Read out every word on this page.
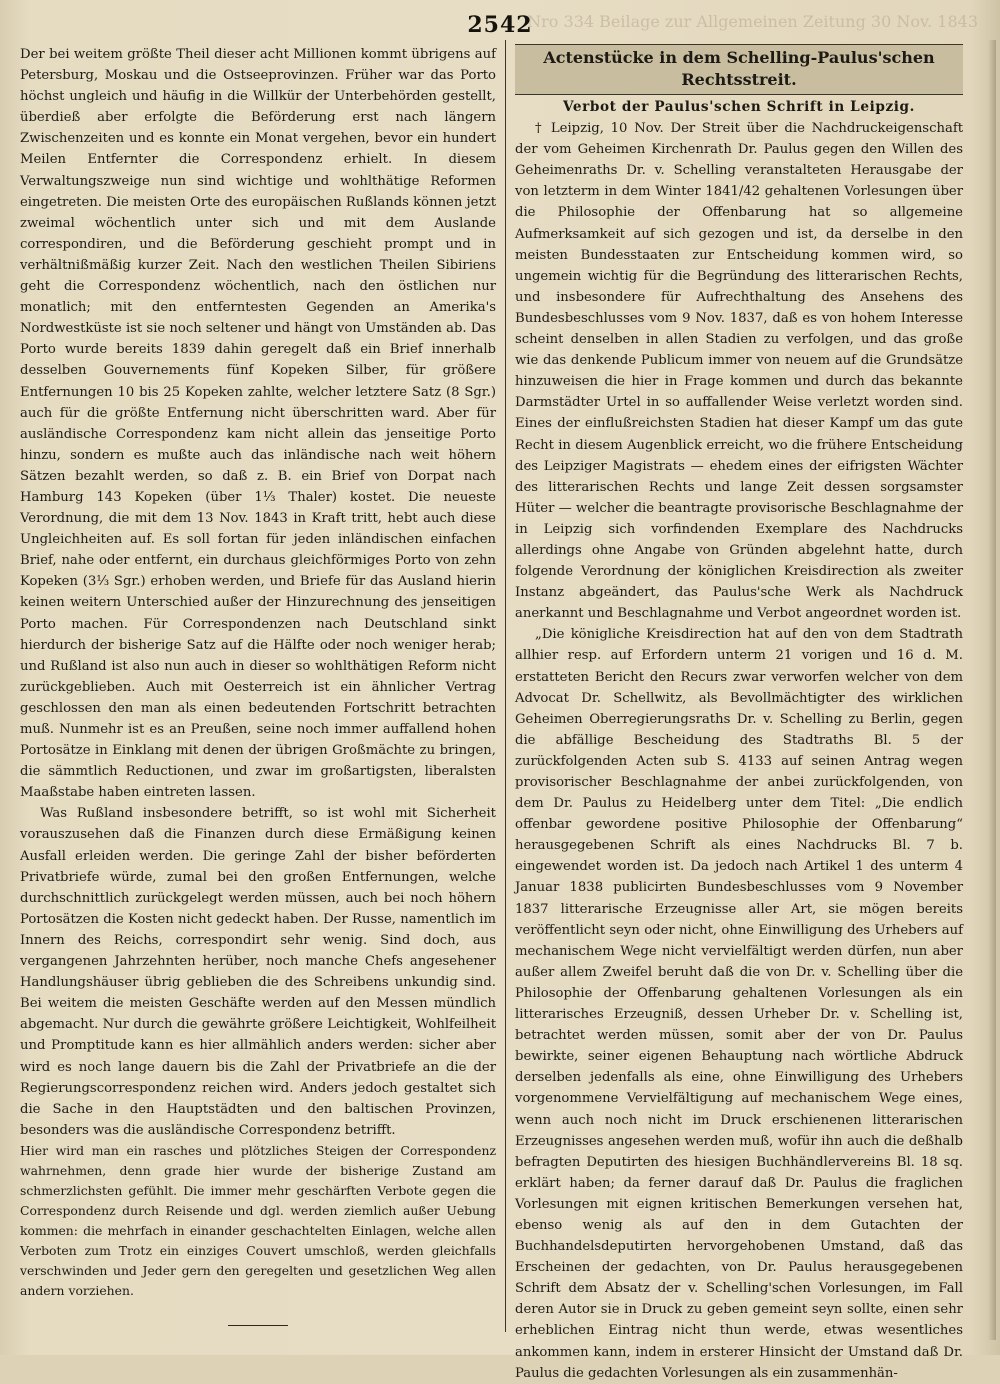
Nro 334 Beilage zur Allgemeinen Zeitung 30 Nov. 1843
2542

Der bei weitem größte Theil dieser acht Millionen kommt übrigens auf Petersburg, Moskau und die Ostseeprovinzen. Früher war das Porto höchst ungleich und häufig in die Willkür der Unterbehörden gestellt, überdieß aber erfolgte die Beförderung erst nach längern Zwischenzeiten und es konnte ein Monat vergehen, bevor ein hundert Meilen Entfernter die Correspondenz erhielt. In diesem Verwaltungszweige nun sind wichtige und wohlthätige Reformen eingetreten. Die meisten Orte des europäischen Rußlands können jetzt zweimal wöchentlich unter sich und mit dem Auslande correspondiren, und die Beförderung geschieht prompt und in verhältnißmäßig kurzer Zeit. Nach den westlichen Theilen Sibiriens geht die Correspondenz wöchentlich, nach den östlichen nur monatlich; mit den entferntesten Gegenden an Amerika's Nordwestküste ist sie noch seltener und hängt von Umständen ab. Das Porto wurde bereits 1839 dahin geregelt daß ein Brief innerhalb desselben Gouvernements fünf Kopeken Silber, für größere Entfernungen 10 bis 25 Kopeken zahlte, welcher letztere Satz (8 Sgr.) auch für die größte Entfernung nicht überschritten ward. Aber für ausländische Correspondenz kam nicht allein das jenseitige Porto hinzu, sondern es mußte auch das inländische nach weit höhern Sätzen bezahlt werden, so daß z. B. ein Brief von Dorpat nach Hamburg 143 Kopeken (über 1⅓ Thaler) kostet. Die neueste Verordnung, die mit dem 13 Nov. 1843 in Kraft tritt, hebt auch diese Ungleichheiten auf. Es soll fortan für jeden inländischen einfachen Brief, nahe oder entfernt, ein durchaus gleichförmiges Porto von zehn Kopeken (3⅓ Sgr.) erhoben werden, und Briefe für das Ausland hierin keinen weitern Unterschied außer der Hinzurechnung des jenseitigen Porto machen. Für Correspondenzen nach Deutschland sinkt hierdurch der bisherige Satz auf die Hälfte oder noch weniger herab; und Rußland ist also nun auch in dieser so wohlthätigen Reform nicht zurückgeblieben. Auch mit Oesterreich ist ein ähnlicher Vertrag geschlossen den man als einen bedeutenden Fortschritt betrachten muß. Nunmehr ist es an Preußen, seine noch immer auffallend hohen Portosätze in Einklang mit denen der übrigen Großmächte zu bringen, die sämmtlich Reductionen, und zwar im großartigsten, liberalsten Maaßstabe haben eintreten lassen.

Was Rußland insbesondere betrifft, so ist wohl mit Sicherheit vorauszusehen daß die Finanzen durch diese Ermäßigung keinen Ausfall erleiden werden. Die geringe Zahl der bisher beförderten Privatbriefe würde, zumal bei den großen Entfernungen, welche durchschnittlich zurückgelegt werden müssen, auch bei noch höhern Portosätzen die Kosten nicht gedeckt haben. Der Russe, namentlich im Innern des Reichs, correspondirt sehr wenig. Sind doch, aus vergangenen Jahrzehnten herüber, noch manche Chefs angesehener Handlungshäuser übrig geblieben die des Schreibens unkundig sind. Bei weitem die meisten Geschäfte werden auf den Messen mündlich abgemacht. Nur durch die gewährte größere Leichtigkeit, Wohlfeilheit und Promptitude kann es hier allmählich anders werden: sicher aber wird es noch lange dauern bis die Zahl der Privatbriefe an die der Regierungscorrespondenz reichen wird. Anders jedoch gestaltet sich die Sache in den Hauptstädten und den baltischen Provinzen, besonders was die ausländische Correspondenz betrifft.

Hier wird man ein rasches und plötzliches Steigen der Correspondenz wahrnehmen, denn grade hier wurde der bisherige Zustand am schmerzlichsten gefühlt. Die immer mehr geschärften Verbote gegen die Correspondenz durch Reisende und dgl. werden ziemlich außer Uebung kommen: die mehrfach in einander geschachtelten Einlagen, welche allen Verboten zum Trotz ein einziges Couvert umschloß, werden gleichfalls verschwinden und Jeder gern den geregelten und gesetzlichen Weg allen andern vorziehen.

Actenstücke in dem Schelling-Paulus'schen
Rechtsstreit.
Verbot der Paulus'schen Schrift in Leipzig.

† Leipzig, 10 Nov. Der Streit über die Nachdruckeigenschaft der vom Geheimen Kirchenrath Dr. Paulus gegen den Willen des Geheimenraths Dr. v. Schelling veranstalteten Herausgabe der von letzterm in dem Winter 1841/42 gehaltenen Vorlesungen über die Philosophie der Offenbarung hat so allgemeine Aufmerksamkeit auf sich gezogen und ist, da derselbe in den meisten Bundesstaaten zur Entscheidung kommen wird, so ungemein wichtig für die Begründung des litterarischen Rechts, und insbesondere für Aufrechthaltung des Ansehens des Bundesbeschlusses vom 9 Nov. 1837, daß es von hohem Interesse scheint denselben in allen Stadien zu verfolgen, und das große wie das denkende Publicum immer von neuem auf die Grundsätze hinzuweisen die hier in Frage kommen und durch das bekannte Darmstädter Urtel in so auffallender Weise verletzt worden sind. Eines der einflußreichsten Stadien hat dieser Kampf um das gute Recht in diesem Augenblick erreicht, wo die frühere Entscheidung des Leipziger Magistrats — ehedem eines der eifrigsten Wächter des litterarischen Rechts und lange Zeit dessen sorgsamster Hüter — welcher die beantragte provisorische Beschlagnahme der in Leipzig sich vorfindenden Exemplare des Nachdrucks allerdings ohne Angabe von Gründen abgelehnt hatte, durch folgende Verordnung der königlichen Kreisdirection als zweiter Instanz abgeändert, das Paulus'sche Werk als Nachdruck anerkannt und Beschlagnahme und Verbot angeordnet worden ist.

„Die königliche Kreisdirection hat auf den von dem Stadtrath allhier resp. auf Erfordern unterm 21 vorigen und 16 d. M. erstatteten Bericht den Recurs zwar verworfen welcher von dem Advocat Dr. Schellwitz, als Bevollmächtigter des wirklichen Geheimen Oberregierungsraths Dr. v. Schelling zu Berlin, gegen die abfällige Bescheidung des Stadtraths Bl. 5 der zurückfolgenden Acten sub S. 4133 auf seinen Antrag wegen provisorischer Beschlagnahme der anbei zurückfolgenden, von dem Dr. Paulus zu Heidelberg unter dem Titel: „Die endlich offenbar gewordene positive Philosophie der Offenbarung“ herausgegebenen Schrift als eines Nachdrucks Bl. 7 b. eingewendet worden ist. Da jedoch nach Artikel 1 des unterm 4 Januar 1838 publicirten Bundesbeschlusses vom 9 November 1837 litterarische Erzeugnisse aller Art, sie mögen bereits veröffentlicht seyn oder nicht, ohne Einwilligung des Urhebers auf mechanischem Wege nicht vervielfältigt werden dürfen, nun aber außer allem Zweifel beruht daß die von Dr. v. Schelling über die Philosophie der Offenbarung gehaltenen Vorlesungen als ein litterarisches Erzeugniß, dessen Urheber Dr. v. Schelling ist, betrachtet werden müssen, somit aber der von Dr. Paulus bewirkte, seiner eigenen Behauptung nach wörtliche Abdruck derselben jedenfalls als eine, ohne Einwilligung des Urhebers vorgenommene Vervielfältigung auf mechanischem Wege eines, wenn auch noch nicht im Druck erschienenen litterarischen Erzeugnisses angesehen werden muß, wofür ihn auch die deßhalb befragten Deputirten des hiesigen Buchhändlervereins Bl. 18 sq. erklärt haben; da ferner darauf daß Dr. Paulus die fraglichen Vorlesungen mit eignen kritischen Bemerkungen versehen hat, ebenso wenig als auf den in dem Gutachten der Buchhandelsdeputirten hervorgehobenen Umstand, daß das Erscheinen der gedachten, von Dr. Paulus herausgegebenen Schrift dem Absatz der v. Schelling'schen Vorlesungen, im Fall deren Autor sie in Druck zu geben gemeint seyn sollte, einen sehr erheblichen Eintrag nicht thun werde, etwas wesentliches ankommen kann, indem in ersterer Hinsicht der Umstand daß Dr. Paulus die gedachten Vorlesungen als ein zusammenhän-
